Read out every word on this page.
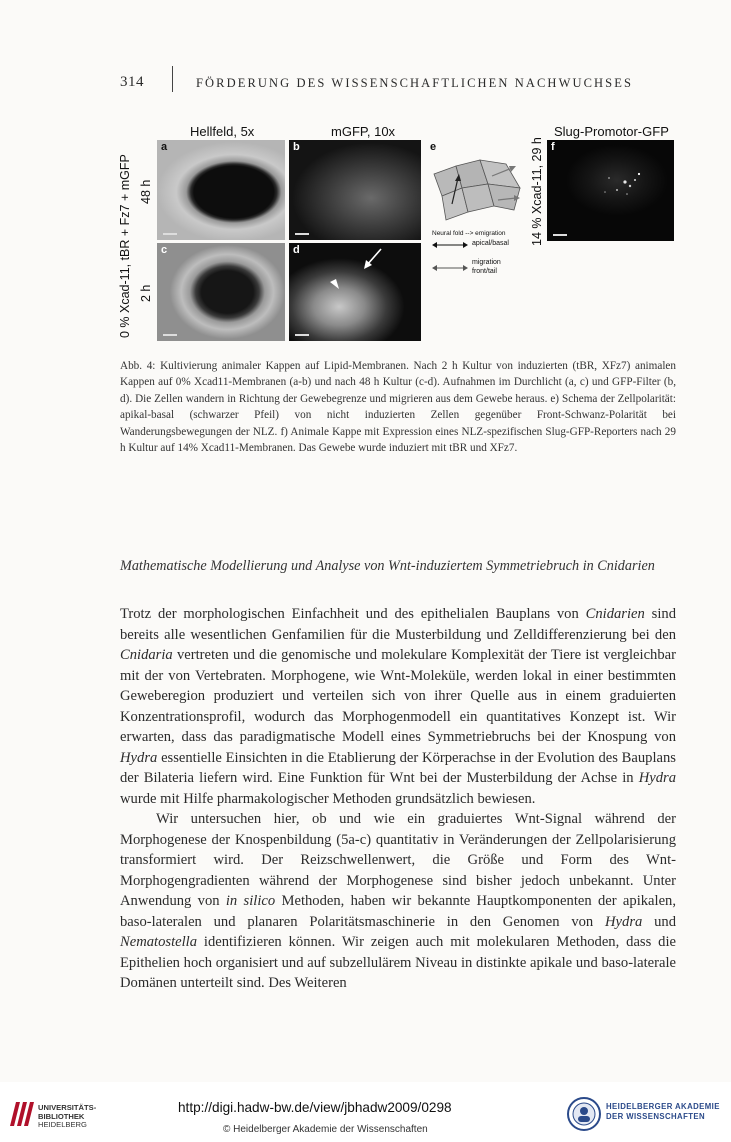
314	FÖRDERUNG DES WISSENSCHAFTLICHEN NACHWUCHSES
Hellfeld, 5x	mGFP, 10x	Slug-Promotor-GFP
0 % Xcad-11, tBR + Fz7 + mGFP 48 h
2 h
14 % Xcad-11, 29 h
a	b
c	d
e
Neural fold --> emigration
apical/basal
migration
front/tail
f
Abb. 4: Kultivierung animaler Kappen auf Lipid-Membranen. Nach 2 h Kultur von induzierten (tBR, XFz7) animalen Kappen auf 0% Xcad11-Membranen (a-b) und nach 48 h Kultur (c-d). Aufnahmen im Durchlicht (a, c) und GFP-Filter (b, d). Die Zellen wandern in Richtung der Gewebegrenze und migrieren aus dem Gewebe heraus. e) Schema der Zellpolarität: apikal-basal (schwarzer Pfeil) von nicht induzierten Zellen gegenüber Front-Schwanz-Polarität bei Wanderungsbewegungen der NLZ. f) Animale Kappe mit Expression eines NLZ-spezifischen Slug-GFP-Reporters nach 29 h Kultur auf 14% Xcad11-Membranen. Das Gewebe wurde induziert mit tBR und XFz7.
Mathematische Modellierung und Analyse von Wnt-induziertem Symmetriebruch in Cnidarien

Trotz der morphologischen Einfachheit und des epithelialen Bauplans von Cnidarien sind bereits alle wesentlichen Genfamilien für die Musterbildung und Zelldifferenzierung bei den Cnidaria vertreten und die genomische und molekulare Komplexität der Tiere ist vergleichbar mit der von Vertebraten. Morphogene, wie Wnt-Moleküle, werden lokal in einer bestimmten Geweberegion produziert und verteilen sich von ihrer Quelle aus in einem graduierten Konzentrationsprofil, wodurch das Morphogenmodell ein quantitatives Konzept ist. Wir erwarten, dass das paradigmatische Modell eines Symmetriebruchs bei der Knospung von Hydra essentielle Einsichten in die Etablierung der Körperachse in der Evolution des Bauplans der Bilateria liefern wird. Eine Funktion für Wnt bei der Musterbildung der Achse in Hydra wurde mit Hilfe pharmakologischer Methoden grundsätzlich bewiesen.

Wir untersuchen hier, ob und wie ein graduiertes Wnt-Signal während der Morphogenese der Knospenbildung (5a-c) quantitativ in Veränderungen der Zellpolarisierung transformiert wird. Der Reizschwellenwert, die Größe und Form des Wnt-Morphogengradienten während der Morphogenese sind bisher jedoch unbekannt. Unter Anwendung von in silico Methoden, haben wir bekannte Hauptkomponenten der apikalen, baso-lateralen und planaren Polaritätsmaschinerie in den Genomen von Hydra und Nematostella identifizieren können. Wir zeigen auch mit molekularen Methoden, dass die Epithelien hoch organisiert und auf subzellulärem Niveau in distinkte apikale und baso-laterale Domänen unterteilt sind. Des Weiteren

UNIVERSITÄTS-
BIBLIOTHEK
HEIDELBERG
http://digi.hadw-bw.de/view/jbhadw2009/0298
© Heidelberger Akademie der Wissenschaften
HEIDELBERGER AKADEMIE
DER WISSENSCHAFTEN
